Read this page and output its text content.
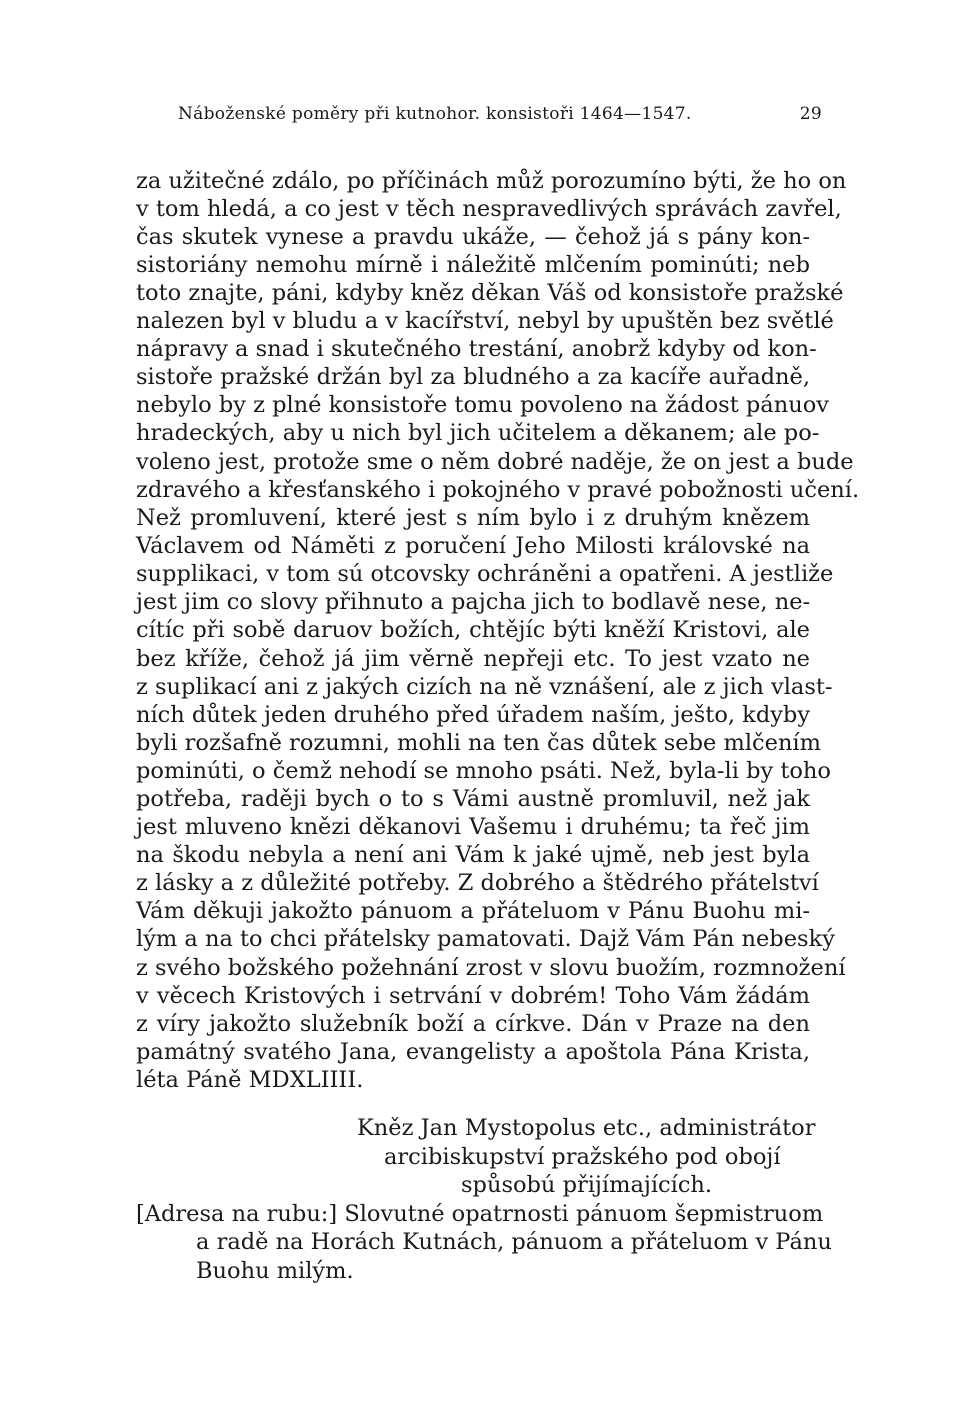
Náboženské poměry při kutnohor. konsistoři 1464—1547.	29
za užitečné zdálo, po příčinách můž porozumíno býti, že ho on
v tom hledá, a co jest v těch nespravedlivých správách zavřel,
čas skutek vynese a pravdu ukáže, — čehož já s pány kon-
sistoriány nemohu mírně i náležitě mlčením pominúti; neb
toto znajte, páni, kdyby kněz děkan Váš od konsistoře pražské
nalezen byl v bludu a v kacířství, nebyl by upuštěn bez světlé
nápravy a snad i skutečného trestání, anobrž kdyby od kon-
sistoře pražské držán byl za bludného a za kacíře auřadně,
nebylo by z plné konsistoře tomu povoleno na žádost pánuov
hradeckých, aby u nich byl jich učitelem a děkanem; ale po-
voleno jest, protože sme o něm dobré naděje, že on jest a bude
zdravého a křesťanského i pokojného v pravé pobožnosti učení.
Než promluvení, které jest s ním bylo i z druhým knězem
Václavem od Náměti z poručení Jeho Milosti královské na
supplikaci, v tom sú otcovsky ochráněni a opatřeni. A jestliže
jest jim co slovy přihnuto a pajcha jich to bodlavě nese, ne-
cítíc při sobě daruov božích, chtějíc býti kněží Kristovi, ale
bez kříže, čehož já jim věrně nepřeji etc. To jest vzato ne
z suplikací ani z jakých cizích na ně vznášení, ale z jich vlast-
ních důtek jeden druhého před úřadem naším, ješto, kdyby
byli rozšafně rozumni, mohli na ten čas důtek sebe mlčením
pominúti, o čemž nehodí se mnoho psáti. Než, byla-li by toho
potřeba, raději bych o to s Vámi austně promluvil, než jak
jest mluveno knězi děkanovi Vašemu i druhému; ta řeč jim
na škodu nebyla a není ani Vám k jaké ujmě, neb jest byla
z lásky a z důležité potřeby. Z dobrého a štědrého přátelství
Vám děkuji jakožto pánuom a přáteluom v Pánu Buohu mi-
lým a na to chci přátelsky pamatovati. Dajž Vám Pán nebeský
z svého božského požehnání zrost v slovu buožím, rozmnožení
v věcech Kristových i setrvání v dobrém! Toho Vám žádám
z víry jakožto služebník boží a církve. Dán v Praze na den
památný svatého Jana, evangelisty a apoštola Pána Krista,
léta Páně MDXLIIII.
Kněz Jan Mystopolus etc., administrátor
arcibiskupství pražského pod obojí
spůsobú přijímajících.
[Adresa na rubu:] Slovutné opatrnosti pánuom šepmistruom
a radě na Horách Kutnách, pánuom a přáteluom v Pánu
Buohu milým.
